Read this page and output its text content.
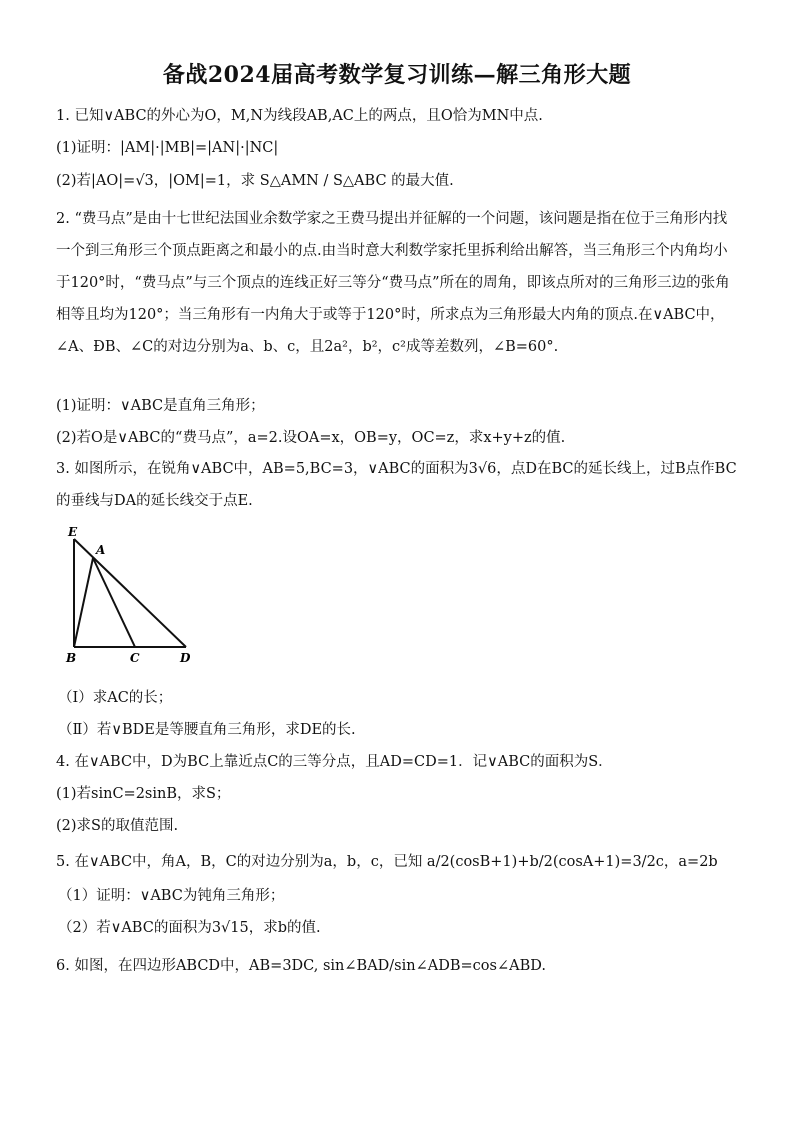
备战2024届高考数学复习训练—解三角形大题
1. 已知∨ABC的外心为O，M,N为线段AB,AC上的两点，且O恰为MN中点.
(1)证明：|AM|·|MB|=|AN|·|NC|
(2)若|AO|=√3，|OM|=1，求 S△AMN / S△ABC 的最大值.
2. “费马点”是由十七世纪法国业余数学家之王费马提出并征解的一个问题，该问题是指在位于三角形内找一个到三角形三个顶点距离之和最小的点.由当时意大利数学家托里拆利给出解答，当三角形三个内角均小于120°时，“费马点”与三个顶点的连线正好三等分“费马点”所在的周角，即该点所对的三角形三边的张角相等且均为120°；当三角形有一内角大于或等于120°时，所求点为三角形最大内角的顶点.在∨ABC中，∠A、ÐB、∠C的对边分别为a、b、c，且2a²，b²，c²成等差数列，∠B=60°.
(1)证明：∨ABC是直角三角形；
(2)若O是∨ABC的“费马点”，a=2.设OA=x，OB=y，OC=z，求x+y+z的值.
3. 如图所示，在锐角∨ABC中，AB=5,BC=3，∨ABC的面积为3√6，点D在BC的延长线上，过B点作BC的垂线与DA的延长线交于点E.
E
A
B	C	D
（Ⅰ）求AC的长；
（Ⅱ）若∨BDE是等腰直角三角形，求DE的长.
4. 在∨ABC中，D为BC上靠近点C的三等分点，且AD=CD=1．记∨ABC的面积为S．
(1)若sinC=2sinB，求S；
(2)求S的取值范围.
5. 在∨ABC中，角A，B，C的对边分别为a，b，c，已知 a/2(cosB+1)+b/2(cosA+1)=3/2c，a=2b
（1）证明：∨ABC为钝角三角形；
（2）若∨ABC的面积为3√15，求b的值.
6. 如图，在四边形ABCD中，AB=3DC, sin∠BAD/sin∠ADB=cos∠ABD.
